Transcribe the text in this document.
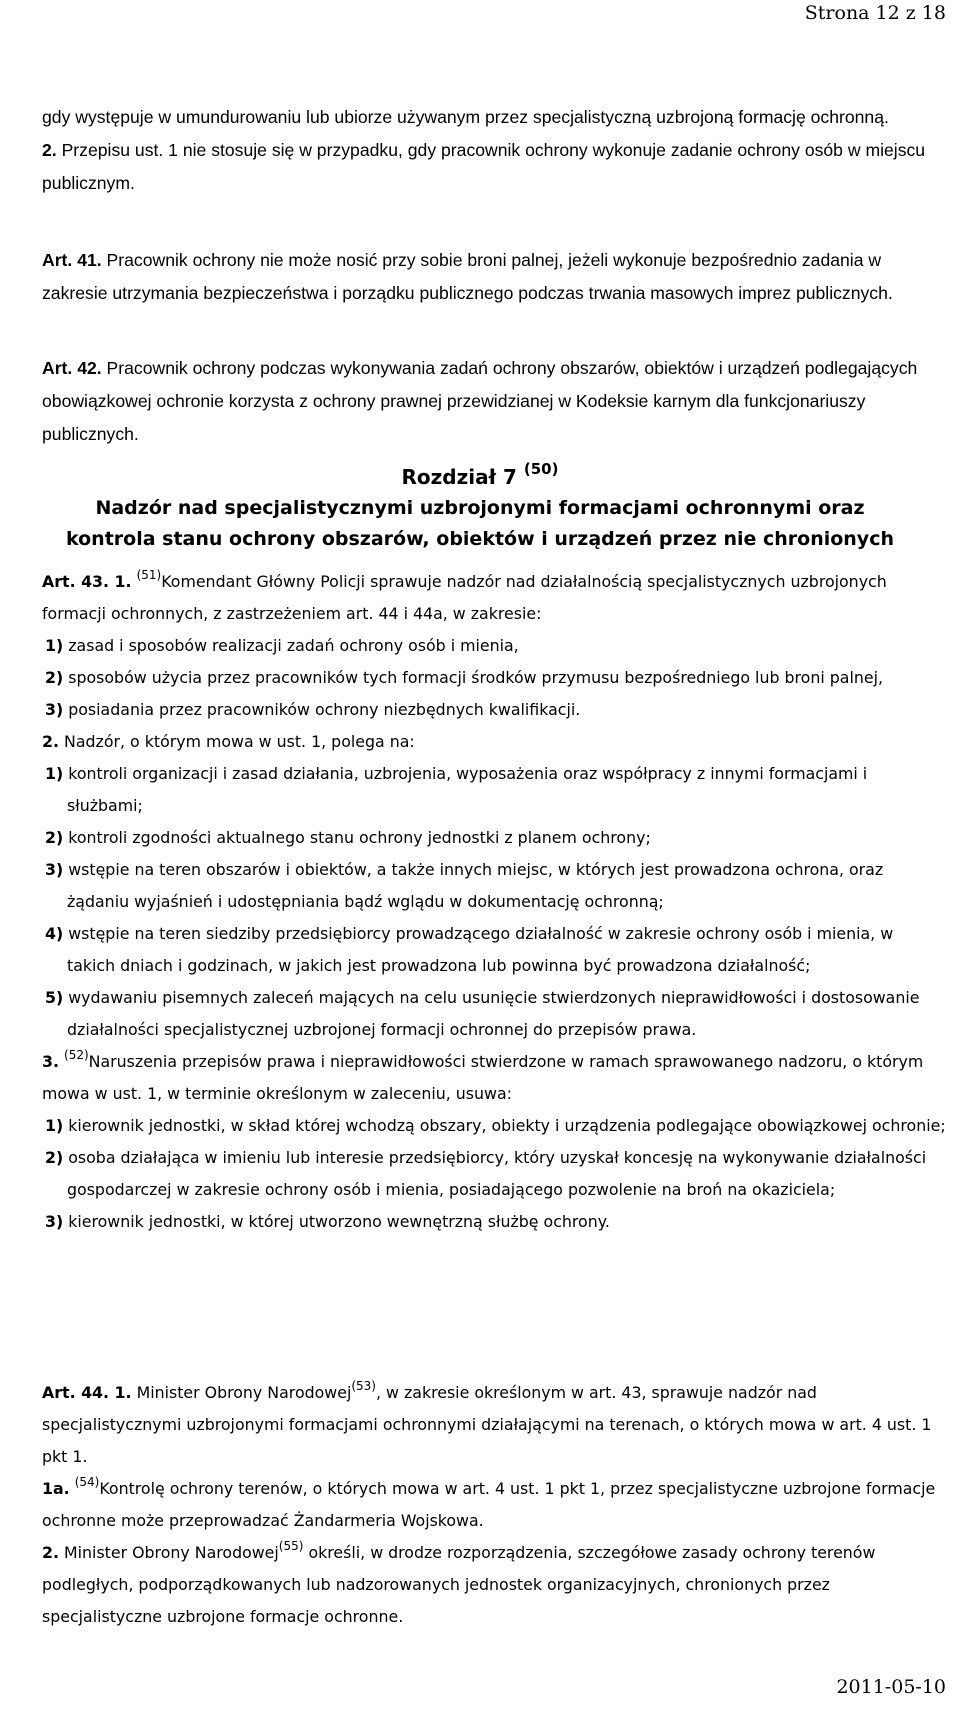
Strona 12 z 18

gdy występuje w umundurowaniu lub ubiorze używanym przez specjalistyczną uzbrojoną formację ochronną.

2. Przepisu ust. 1 nie stosuje się w przypadku, gdy pracownik ochrony wykonuje zadanie ochrony osób w miejscu publicznym.

Art. 41. Pracownik ochrony nie może nosić przy sobie broni palnej, jeżeli wykonuje bezpośrednio zadania w zakresie utrzymania bezpieczeństwa i porządku publicznego podczas trwania masowych imprez publicznych.

Art. 42. Pracownik ochrony podczas wykonywania zadań ochrony obszarów, obiektów i urządzeń podlegających obowiązkowej ochronie korzysta z ochrony prawnej przewidzianej w Kodeksie karnym dla funkcjonariuszy publicznych.

Rozdział 7 $^{(50)}$
Nadzór nad specjalistycznymi uzbrojonymi formacjami ochronnymi oraz
kontrola stanu ochrony obszarów, obiektów i urządzeń przez nie chronionych

Art. 43. 1. $^{(51)}$Komendant Główny Policji sprawuje nadzór nad działalnością specjalistycznych uzbrojonych formacji ochronnych, z zastrzeżeniem art. 44 i 44a, w zakresie:

1) zasad i sposobów realizacji zadań ochrony osób i mienia,

2) sposobów użycia przez pracowników tych formacji środków przymusu bezpośredniego lub broni palnej,

3) posiadania przez pracowników ochrony niezbędnych kwalifikacji.

2. Nadzór, o którym mowa w ust. 1, polega na:

1) kontroli organizacji i zasad działania, uzbrojenia, wyposażenia oraz współpracy z innymi formacjami i służbami;

2) kontroli zgodności aktualnego stanu ochrony jednostki z planem ochrony;

3) wstępie na teren obszarów i obiektów, a także innych miejsc, w których jest prowadzona ochrona, oraz żądaniu wyjaśnień i udostępniania bądź wglądu w dokumentację ochronną;

4) wstępie na teren siedziby przedsiębiorcy prowadzącego działalność w zakresie ochrony osób i mienia, w takich dniach i godzinach, w jakich jest prowadzona lub powinna być prowadzona działalność;

5) wydawaniu pisemnych zaleceń mających na celu usunięcie stwierdzonych nieprawidłowości i dostosowanie działalności specjalistycznej uzbrojonej formacji ochronnej do przepisów prawa.

3. $^{(52)}$Naruszenia przepisów prawa i nieprawidłowości stwierdzone w ramach sprawowanego nadzoru, o którym mowa w ust. 1, w terminie określonym w zaleceniu, usuwa:

1) kierownik jednostki, w skład której wchodzą obszary, obiekty i urządzenia podlegające obowiązkowej ochronie;

2) osoba działająca w imieniu lub interesie przedsiębiorcy, który uzyskał koncesję na wykonywanie działalności gospodarczej w zakresie ochrony osób i mienia, posiadającego pozwolenie na broń na okaziciela;

3) kierownik jednostki, w której utworzono wewnętrzną służbę ochrony.

Art. 44. 1. Minister Obrony Narodowej$^{(53)}$, w zakresie określonym w art. 43, sprawuje nadzór nad specjalistycznymi uzbrojonymi formacjami ochronnymi działającymi na terenach, o których mowa w art. 4 ust. 1 pkt 1.

1a. $^{(54)}$Kontrolę ochrony terenów, o których mowa w art. 4 ust. 1 pkt 1, przez specjalistyczne uzbrojone formacje ochronne może przeprowadzać Żandarmeria Wojskowa.

2. Minister Obrony Narodowej$^{(55)}$ określi, w drodze rozporządzenia, szczegółowe zasady ochrony terenów podległych, podporządkowanych lub nadzorowanych jednostek organizacyjnych, chronionych przez specjalistyczne uzbrojone formacje ochronne.

2011-05-10
